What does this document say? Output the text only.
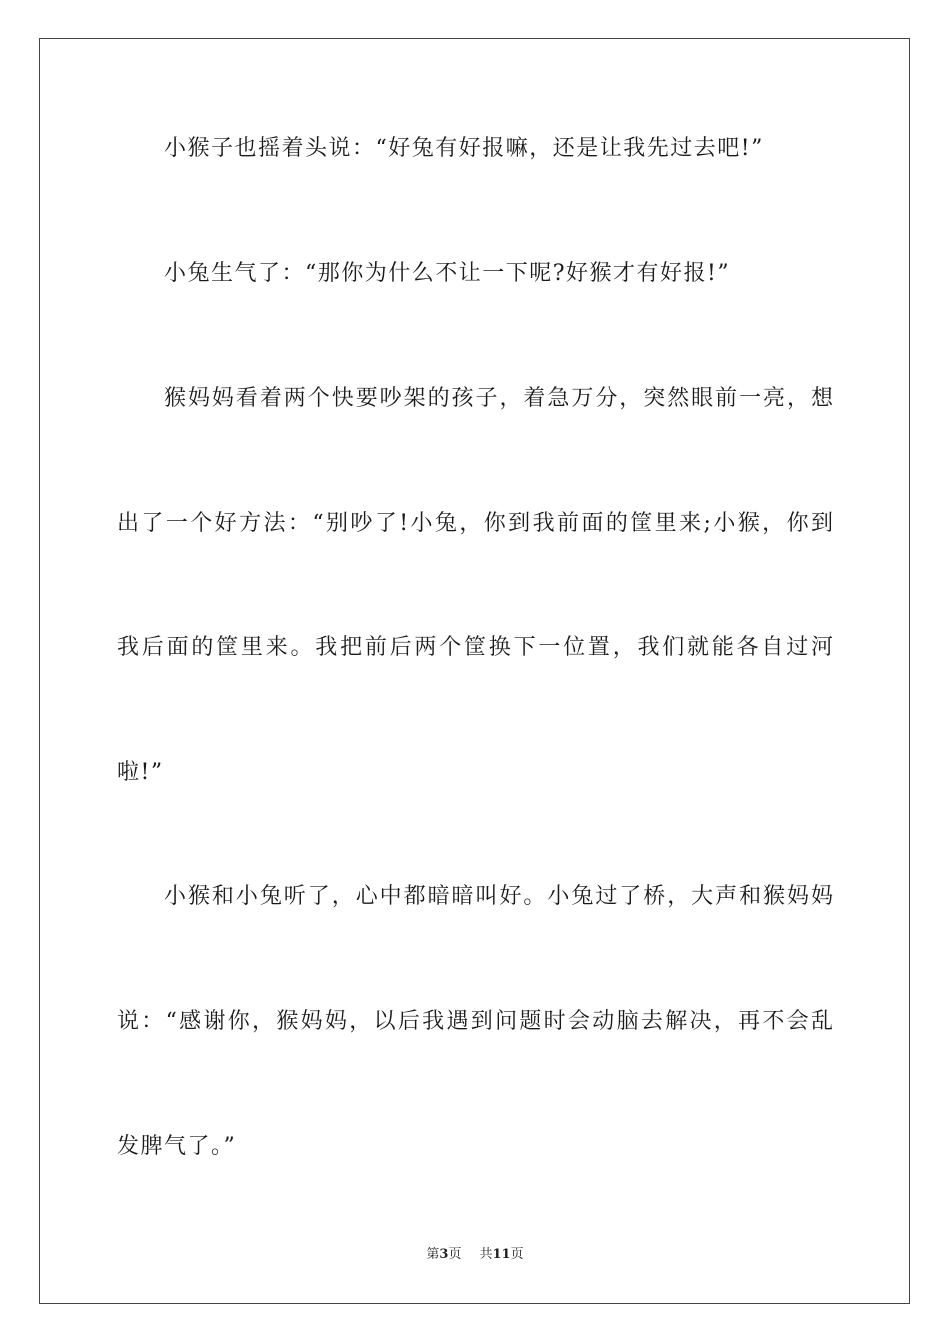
小猴子也摇着头说：“好兔有好报嘛，还是让我先过去吧!”
小兔生气了：“那你为什么不让一下呢?好猴才有好报!”
猴妈妈看着两个快要吵架的孩子，着急万分，突然眼前一亮，想
出了一个好方法：“别吵了!小兔，你到我前面的筐里来;小猴，你到
我后面的筐里来。我把前后两个筐换下一位置，我们就能各自过河
啦!”
小猴和小兔听了，心中都暗暗叫好。小兔过了桥，大声和猴妈妈
说：“感谢你，猴妈妈，以后我遇到问题时会动脑去解决，再不会乱
发脾气了。”
第3页 共11页
